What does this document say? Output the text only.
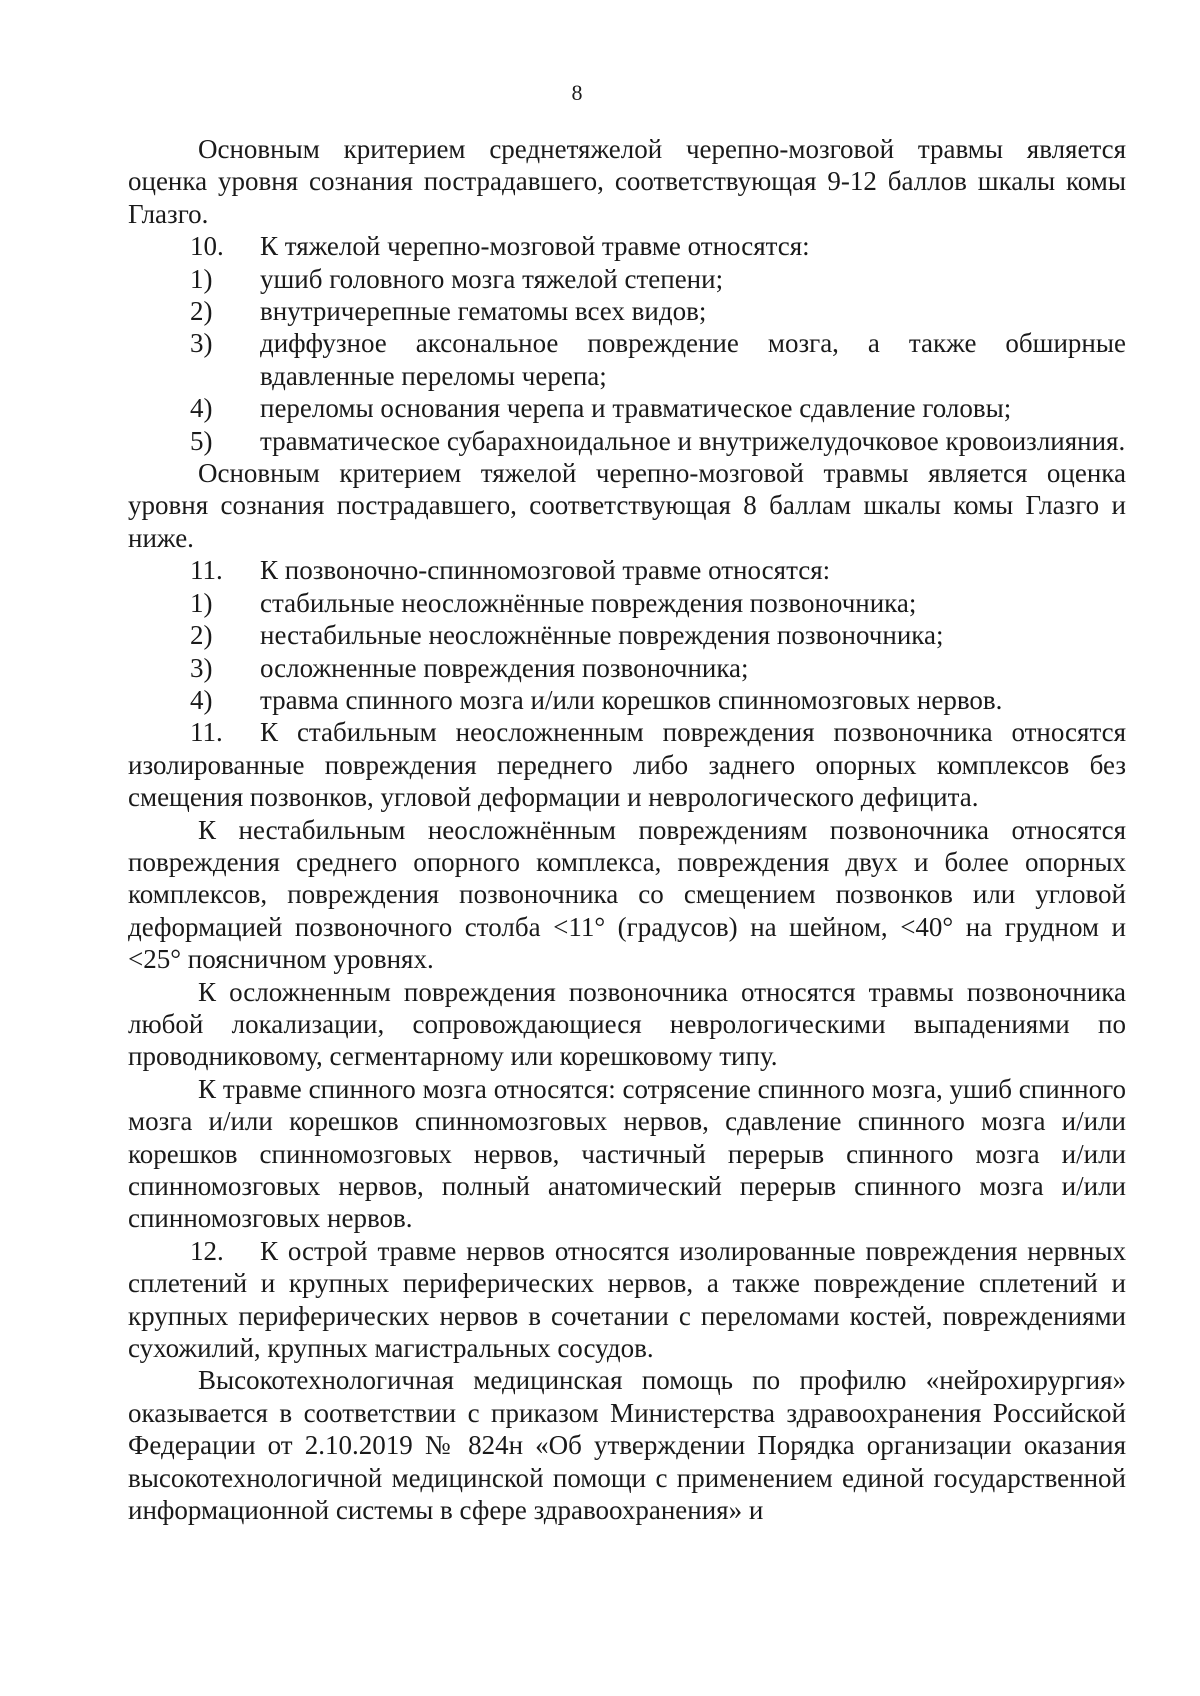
8

Основным критерием среднетяжелой черепно-мозговой травмы является оценка уровня сознания пострадавшего, соответствующая 9-12 баллов шкалы комы Глазго.

10.	К тяжелой черепно-мозговой травме относятся:
1)	ушиб головного мозга тяжелой степени;
2)	внутричерепные гематомы всех видов;
3)	диффузное аксональное повреждение мозга, а также обширные вдавленные переломы черепа;
4)	переломы основания черепа и травматическое сдавление головы;
5)	травматическое субарахноидальное и внутрижелудочковое кровоизлияния.

Основным критерием тяжелой черепно-мозговой травмы является оценка уровня сознания пострадавшего, соответствующая 8 баллам шкалы комы Глазго и ниже.

11.	К позвоночно-спинномозговой травме относятся:
1)	стабильные неосложнённые повреждения позвоночника;
2)	нестабильные неосложнённые повреждения позвоночника;
3)	осложненные повреждения позвоночника;
4)	травма спинного мозга и/или корешков спинномозговых нервов.

11. К стабильным неосложненным повреждения позвоночника относятся изолированные повреждения переднего либо заднего опорных комплексов без смещения позвонков, угловой деформации и неврологического дефицита.

К нестабильным неосложнённым повреждениям позвоночника относятся повреждения среднего опорного комплекса, повреждения двух и более опорных комплексов, повреждения позвоночника со смещением позвонков или угловой деформацией позвоночного столба <11° (градусов) на шейном, <40° на грудном и <25° поясничном уровнях.

К осложненным повреждения позвоночника относятся травмы позвоночника любой локализации, сопровождающиеся неврологическими выпадениями по проводниковому, сегментарному или корешковому типу.

К травме спинного мозга относятся: сотрясение спинного мозга, ушиб спинного мозга и/или корешков спинномозговых нервов, сдавление спинного мозга и/или корешков спинномозговых нервов, частичный перерыв спинного мозга и/или спинномозговых нервов, полный анатомический перерыв спинного мозга и/или спинномозговых нервов.

12. К острой травме нервов относятся изолированные повреждения нервных сплетений и крупных периферических нервов, а также повреждение сплетений и крупных периферических нервов в сочетании с переломами костей, повреждениями сухожилий, крупных магистральных сосудов.

Высокотехнологичная медицинская помощь по профилю «нейрохирургия» оказывается в соответствии с приказом Министерства здравоохранения Российской Федерации от 2.10.2019 № 824н «Об утверждении Порядка организации оказания высокотехнологичной медицинской помощи с применением единой государственной информационной системы в сфере здравоохранения» и
